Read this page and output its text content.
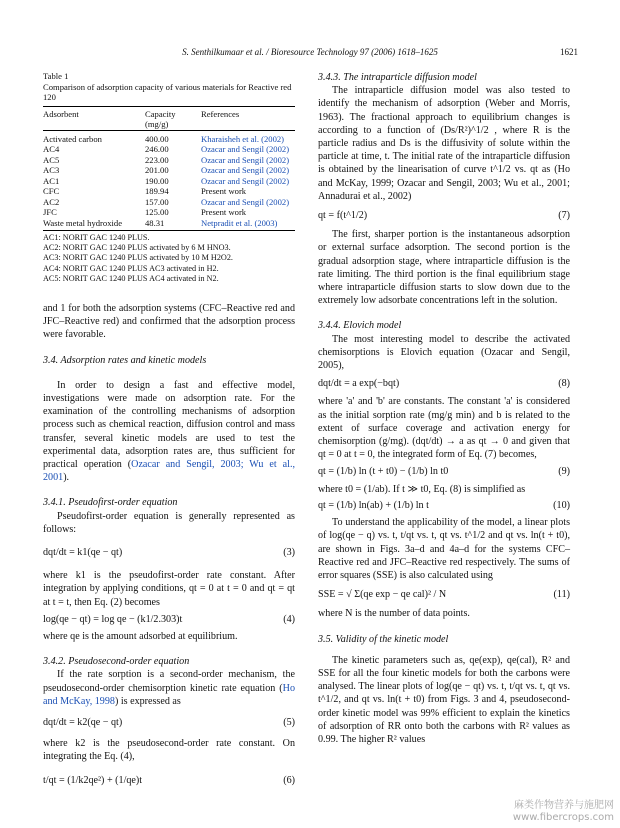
S. Senthilkumaar et al. / Bioresource Technology 97 (2006) 1618–1625	1621
Table 1
Comparison of adsorption capacity of various materials for Reactive red 120
Adsorbent	Capacity (mg/g)	References

Activated carbon	400.00	Kharaisheh et al. (2002)
AC4	246.00	Ozacar and Sengil (2002)
AC5	223.00	Ozacar and Sengil (2002)
AC3	201.00	Ozacar and Sengil (2002)
AC1	190.00	Ozacar and Sengil (2002)
CFC	189.94	Present work
AC2	157.00	Ozacar and Sengil (2002)
JFC	125.00	Present work
Waste metal hydroxide	48.31	Netpradit et al. (2003)
AC1: NORIT GAC 1240 PLUS.
AC2: NORIT GAC 1240 PLUS activated by 6 M HNO3.
AC3: NORIT GAC 1240 PLUS activated by 10 M H2O2.
AC4: NORIT GAC 1240 PLUS AC3 activated in H2.
AC5: NORIT GAC 1240 PLUS AC4 activated in N2.
and 1 for both the adsorption systems (CFC–Reactive red and JFC–Reactive red) and confirmed that the adsorption process were favorable.
3.4. Adsorption rates and kinetic models
In order to design a fast and effective model, investigations were made on adsorption rate. For the examination of the controlling mechanisms of adsorption process such as chemical reaction, diffusion control and mass transfer, several kinetic models are used to test the experimental data, adsorption rates are, thus sufficient for practical operation (Ozacar and Sengil, 2003; Wu et al., 2001).
3.4.1. Pseudofirst-order equation
Pseudofirst-order equation is generally represented as follows:
dqt/dt = k1(qe − qt)	(3)
where k1 is the pseudofirst-order rate constant. After integration by applying conditions, qt = 0 at t = 0 and qt = qt at t = t, then Eq. (2) becomes
log(qe − qt) = log qe − (k1/2.303)t	(4)
where qe is the amount adsorbed at equilibrium.
3.4.2. Pseudosecond-order equation
If the rate sorption is a second-order mechanism, the pseudosecond-order chemisorption kinetic rate equation (Ho and McKay, 1998) is expressed as
dqt/dt = k2(qe − qt)	(5)
where k2 is the pseudosecond-order rate constant. On integrating the Eq. (4),
t/qt = (1/k2qe²) + (1/qe)t	(6)
3.4.3. The intraparticle diffusion model
The intraparticle diffusion model was also tested to identify the mechanism of adsorption (Weber and Morris, 1963). The fractional approach to equilibrium changes is according to a function of (Ds/R²)^1/2 , where R is the particle radius and Ds is the diffusivity of solute within the particle at time, t. The initial rate of the intraparticle diffusion is obtained by the linearisation of curve t^1/2 vs. qt as (Ho and McKay, 1999; Ozacar and Sengil, 2003; Wu et al., 2001; Annadurai et al., 2002)
qt = f(t^1/2)	(7)
The first, sharper portion is the instantaneous adsorption or external surface adsorption. The second portion is the gradual adsorption stage, where intraparticle diffusion is the rate limiting. The third portion is the final equilibrium stage where intraparticle diffusion starts to slow down due to the extremely low adsorbate concentrations left in the solution.
3.4.4. Elovich model
The most interesting model to describe the activated chemisorptions is Elovich equation (Ozacar and Sengil, 2005),
dqt/dt = a exp(−bqt)	(8)
where 'a' and 'b' are constants. The constant 'a' is considered as the initial sorption rate (mg/g min) and b is related to the extent of surface coverage and activation energy for chemisorption (g/mg). (dqt/dt) → a as qt → 0 and given that qt = 0 at t = 0, the integrated form of Eq. (7) becomes,
qt = (1/b) ln (t + t0) − (1/b) ln t0	(9)
where t0 = (1/ab). If t ≫ t0, Eq. (8) is simplified as
qt = (1/b) ln(ab) + (1/b) ln t	(10)
To understand the applicability of the model, a linear plots of log(qe − q) vs. t, t/qt vs. t, qt vs. t^1/2 and qt vs. ln(t + t0), are shown in Figs. 3a–d and 4a–d for the systems CFC–Reactive red and JFC–Reactive red respectively. The sums of error squares (SSE) is also calculated using
SSE = √ Σ(qe exp − qe cal)² / N	(11)
where N is the number of data points.
3.5. Validity of the kinetic model
The kinetic parameters such as, qe(exp), qe(cal), R² and SSE for all the four kinetic models for both the carbons were analysed. The linear plots of log(qe − qt) vs. t, t/qt vs. t, qt vs. t^1/2, and qt vs. ln(t + t0) from Figs. 3 and 4, pseudosecond-order kinetic model was 99% efficient to explain the kinetics of adsorption of RR onto both the carbons with R² values as 0.99. The higher R² values
麻类作物营养与施肥网
www.fibercrops.com
